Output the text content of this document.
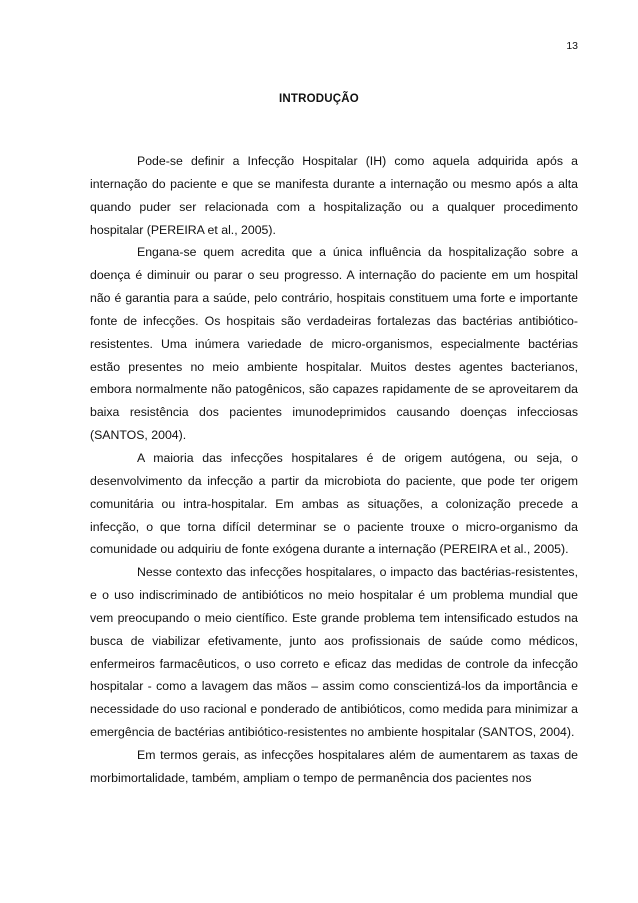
13
INTRODUÇÃO

Pode-se definir a Infecção Hospitalar (IH) como aquela adquirida após a internação do paciente e que se manifesta durante a internação ou mesmo após a alta quando puder ser relacionada com a hospitalização ou a qualquer procedimento hospitalar (PEREIRA et al., 2005).

Engana-se quem acredita que a única influência da hospitalização sobre a doença é diminuir ou parar o seu progresso. A internação do paciente em um hospital não é garantia para a saúde, pelo contrário, hospitais constituem uma forte e importante fonte de infecções. Os hospitais são verdadeiras fortalezas das bactérias antibiótico-resistentes. Uma inúmera variedade de micro-organismos, especialmente bactérias estão presentes no meio ambiente hospitalar. Muitos destes agentes bacterianos, embora normalmente não patogênicos, são capazes rapidamente de se aproveitarem da baixa resistência dos pacientes imunodeprimidos causando doenças infecciosas (SANTOS, 2004).

A maioria das infecções hospitalares é de origem autógena, ou seja, o desenvolvimento da infecção a partir da microbiota do paciente, que pode ter origem comunitária ou intra-hospitalar. Em ambas as situações, a colonização precede a infecção, o que torna difícil determinar se o paciente trouxe o micro-organismo da comunidade ou adquiriu de fonte exógena durante a internação (PEREIRA et al., 2005).

Nesse contexto das infecções hospitalares, o impacto das bactérias-resistentes, e o uso indiscriminado de antibióticos no meio hospitalar é um problema mundial que vem preocupando o meio científico. Este grande problema tem intensificado estudos na busca de viabilizar efetivamente, junto aos profissionais de saúde como médicos, enfermeiros farmacêuticos, o uso correto e eficaz das medidas de controle da infecção hospitalar - como a lavagem das mãos – assim como conscientizá-los da importância e necessidade do uso racional e ponderado de antibióticos, como medida para minimizar a emergência de bactérias antibiótico-resistentes no ambiente hospitalar (SANTOS, 2004).

Em termos gerais, as infecções hospitalares além de aumentarem as taxas de morbimortalidade, também, ampliam o tempo de permanência dos pacientes nos
